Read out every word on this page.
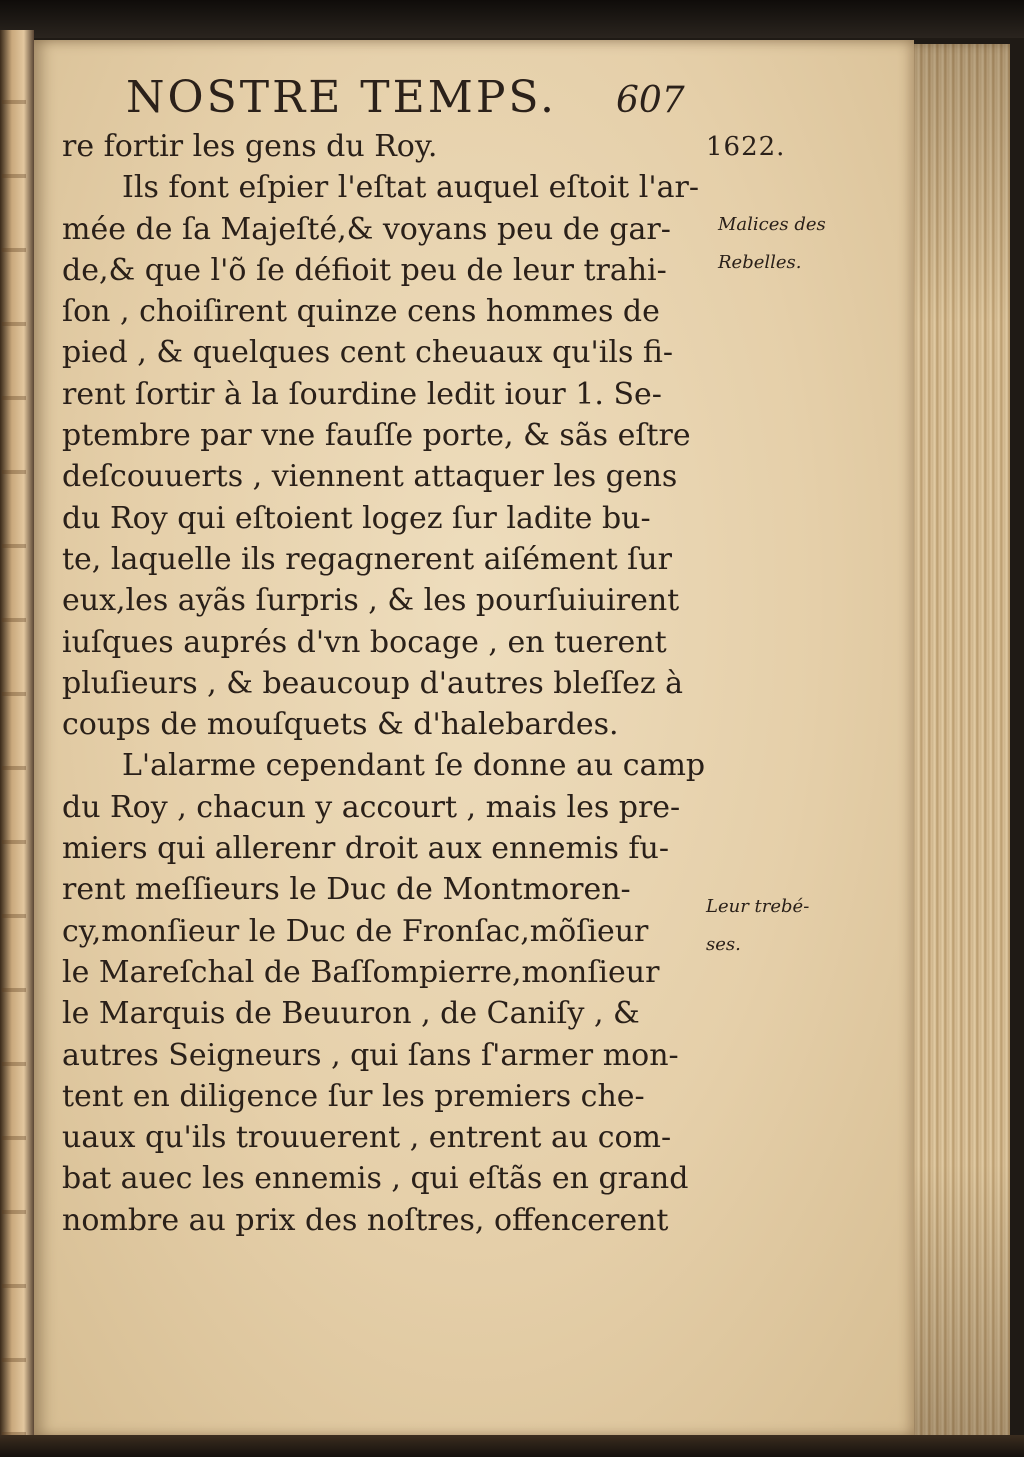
NOSTRE TEMPS. 607
1622.
re fortir les gens du Roy.
Ils font eſpier l'eſtat auquel eſtoit l'ar-
mée de ſa Majeſté,& voyans peu de gar-
de,& que l'õ ſe défioit peu de leur trahi-
ſon , choiſirent quinze cens hommes de
pied , & quelques cent cheuaux qu'ils fi-
rent ſortir à la ſourdine ledit iour 1. Se-
ptembre par vne fauſſe porte, & sãs eſtre
deſcouuerts , viennent attaquer les gens
du Roy qui eſtoient logez ſur ladite bu-
te, laquelle ils regagnerent aiſément ſur
eux,les ayãs ſurpris , & les pourſuiuirent
iuſques auprés d'vn bocage , en tuerent
pluſieurs , & beaucoup d'autres bleſſez à
coups de mouſquets & d'halebardes.
L'alarme cependant ſe donne au camp
du Roy , chacun y accourt , mais les pre-
miers qui allerenr droit aux ennemis fu-
rent meſſieurs le Duc de Montmoren-
cy,monſieur le Duc de Fronſac,mõſieur
le Mareſchal de Baſſompierre,monſieur
le Marquis de Beuuron , de Caniſy , &
autres Seigneurs , qui ſans ſ'armer mon-
tent en diligence ſur les premiers che-
uaux qu'ils trouuerent , entrent au com-
bat auec les ennemis , qui eſtãs en grand
nombre au prix des noſtres, offencerent
Malices des
Rebelles.
Leur trebé-
ses.
